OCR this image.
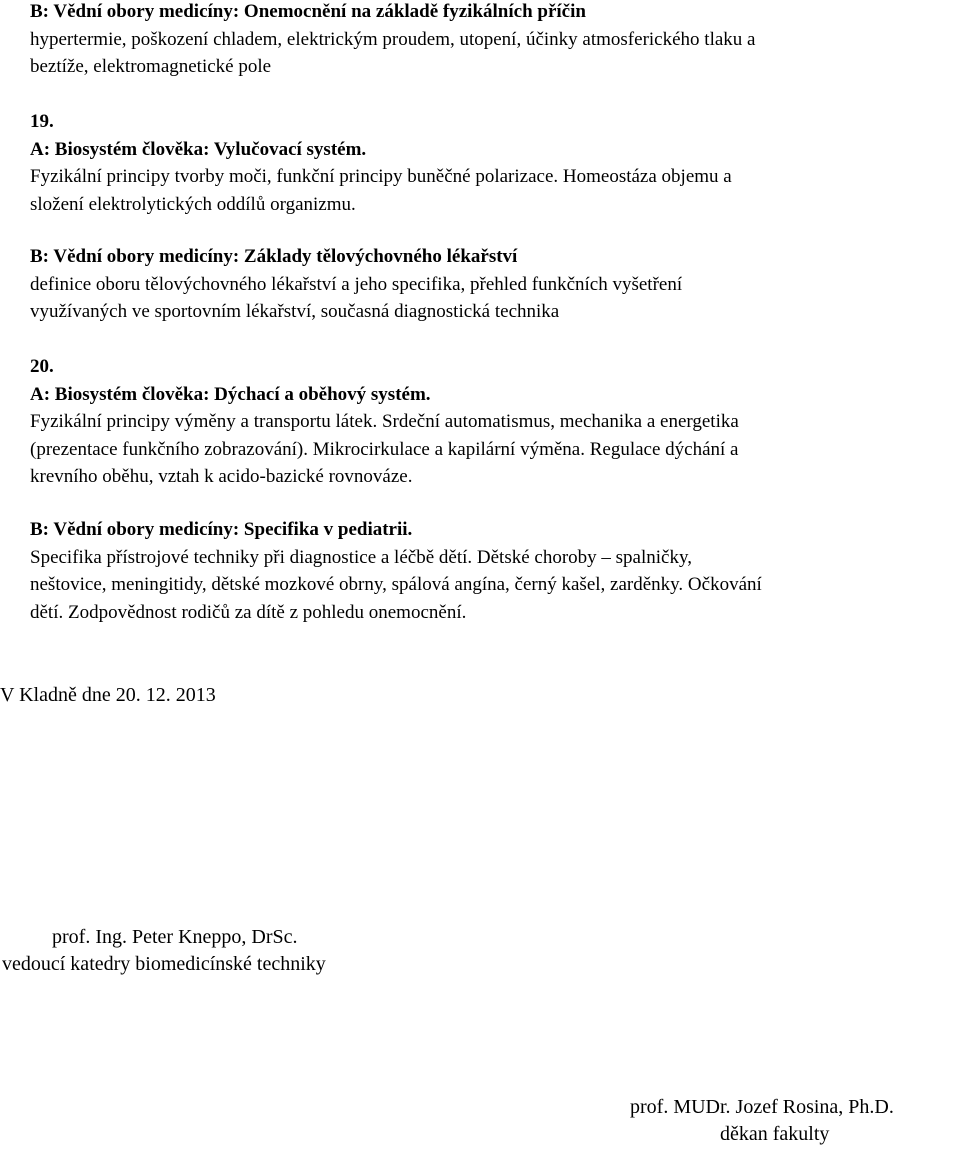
B: Vědní obory medicíny: Onemocnění na základě fyzikálních příčin
hypertermie, poškození chladem, elektrickým proudem, utopení, účinky atmosferického tlaku a
beztíže, elektromagnetické pole
19.
A: Biosystém člověka: Vylučovací systém.
Fyzikální principy tvorby moči, funkční principy buněčné polarizace. Homeostáza objemu a
složení elektrolytických oddílů organizmu.
B: Vědní obory medicíny: Základy tělovýchovného lékařství
definice oboru tělovýchovného lékařství a jeho specifika, přehled funkčních vyšetření
využívaných ve sportovním lékařství, současná diagnostická technika
20.
A: Biosystém člověka: Dýchací a oběhový systém.
Fyzikální principy výměny a transportu látek. Srdeční automatismus, mechanika a energetika
(prezentace funkčního zobrazování). Mikrocirkulace a kapilární výměna. Regulace dýchání a
krevního oběhu, vztah k acido-bazické rovnováze.
B: Vědní obory medicíny: Specifika v pediatrii.
Specifika přístrojové techniky při diagnostice a léčbě dětí. Dětské choroby – spalničky,
neštovice, meningitidy, dětské mozkové obrny, spálová angína, černý kašel, zarděnky. Očkování
dětí. Zodpovědnost rodičů za dítě z pohledu onemocnění.
V Kladně dne 20. 12. 2013
prof. Ing. Peter Kneppo, DrSc.
vedoucí katedry biomedicínské techniky
prof. MUDr. Jozef Rosina, Ph.D.
děkan fakulty
